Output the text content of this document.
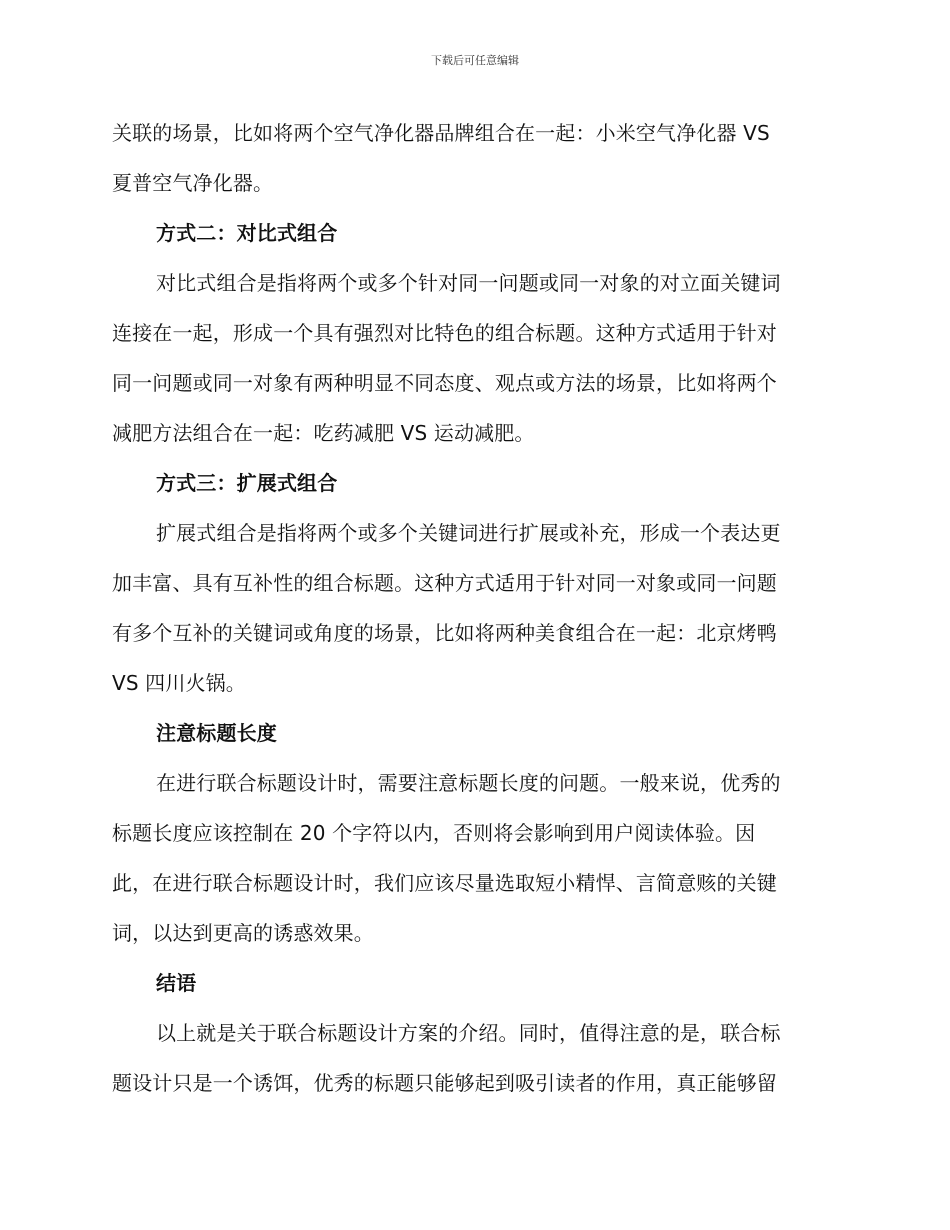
下载后可任意编辑
关联的场景，比如将两个空气净化器品牌组合在一起：小米空气净化器 VS
夏普空气净化器。
方式二：对比式组合
对比式组合是指将两个或多个针对同一问题或同一对象的对立面关键词
连接在一起，形成一个具有强烈对比特色的组合标题。这种方式适用于针对
同一问题或同一对象有两种明显不同态度、观点或方法的场景，比如将两个
减肥方法组合在一起：吃药减肥 VS 运动减肥。
方式三：扩展式组合
扩展式组合是指将两个或多个关键词进行扩展或补充，形成一个表达更
加丰富、具有互补性的组合标题。这种方式适用于针对同一对象或同一问题
有多个互补的关键词或角度的场景，比如将两种美食组合在一起：北京烤鸭
VS 四川火锅。
注意标题长度
在进行联合标题设计时，需要注意标题长度的问题。一般来说，优秀的
标题长度应该控制在 20 个字符以内，否则将会影响到用户阅读体验。因
此，在进行联合标题设计时，我们应该尽量选取短小精悍、言简意赅的关键
词，以达到更高的诱惑效果。
结语
以上就是关于联合标题设计方案的介绍。同时，值得注意的是，联合标
题设计只是一个诱饵，优秀的标题只能够起到吸引读者的作用，真正能够留
